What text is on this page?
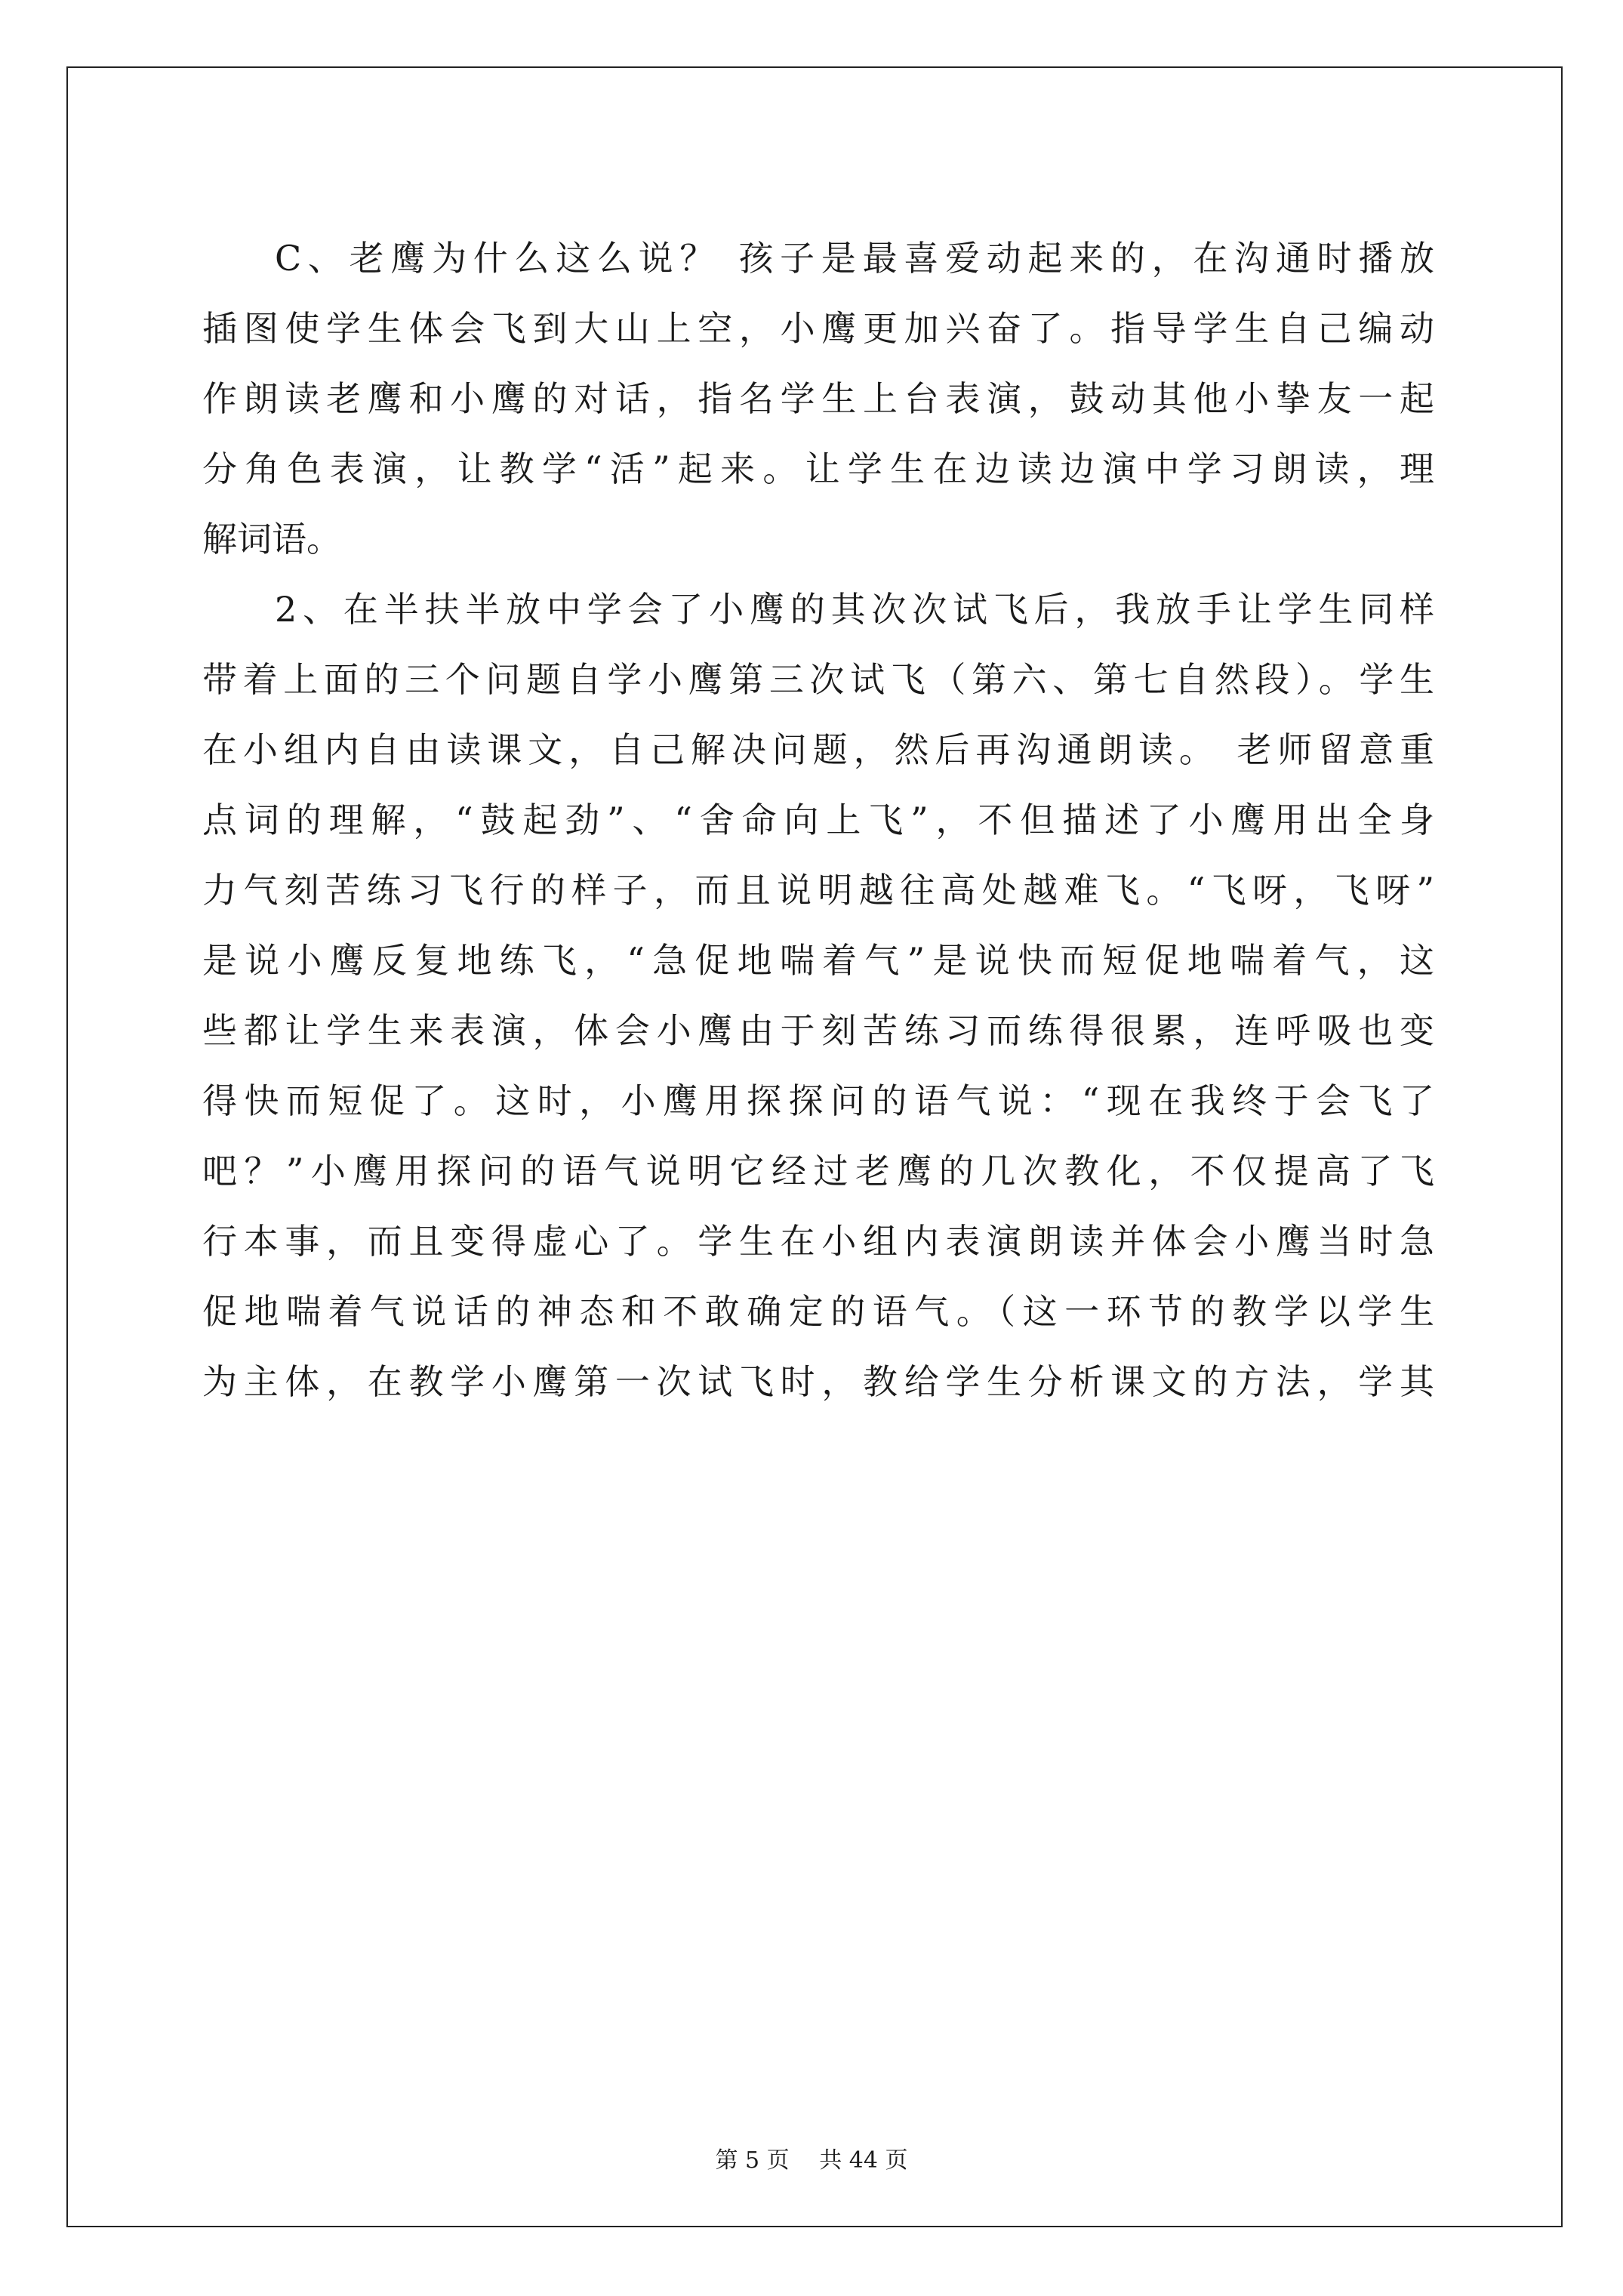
C、老鹰为什么这么说？ 孩子是最喜爱动起来的，在沟通时播放
插图使学生体会飞到大山上空，小鹰更加兴奋了。指导学生自己编动
作朗读老鹰和小鹰的对话，指名学生上台表演，鼓动其他小挚友一起
分角色表演，让教学“活”起来。让学生在边读边演中学习朗读，理
解词语。
2、在半扶半放中学会了小鹰的其次次试飞后，我放手让学生同样
带着上面的三个问题自学小鹰第三次试飞（第六、第七自然段）。学生
在小组内自由读课文，自己解决问题，然后再沟通朗读。 老师留意重
点词的理解，“鼓起劲”、“舍命向上飞”，不但描述了小鹰用出全身
力气刻苦练习飞行的样子，而且说明越往高处越难飞。“飞呀，飞呀”
是说小鹰反复地练飞，“急促地喘着气”是说快而短促地喘着气，这
些都让学生来表演，体会小鹰由于刻苦练习而练得很累，连呼吸也变
得快而短促了。这时，小鹰用探探问的语气说：“现在我终于会飞了
吧？”小鹰用探问的语气说明它经过老鹰的几次教化，不仅提高了飞
行本事，而且变得虚心了。学生在小组内表演朗读并体会小鹰当时急
促地喘着气说话的神态和不敢确定的语气。（这一环节的教学以学生
为主体，在教学小鹰第一次试飞时，教给学生分析课文的方法，学其
第 5 页　 共 44 页
